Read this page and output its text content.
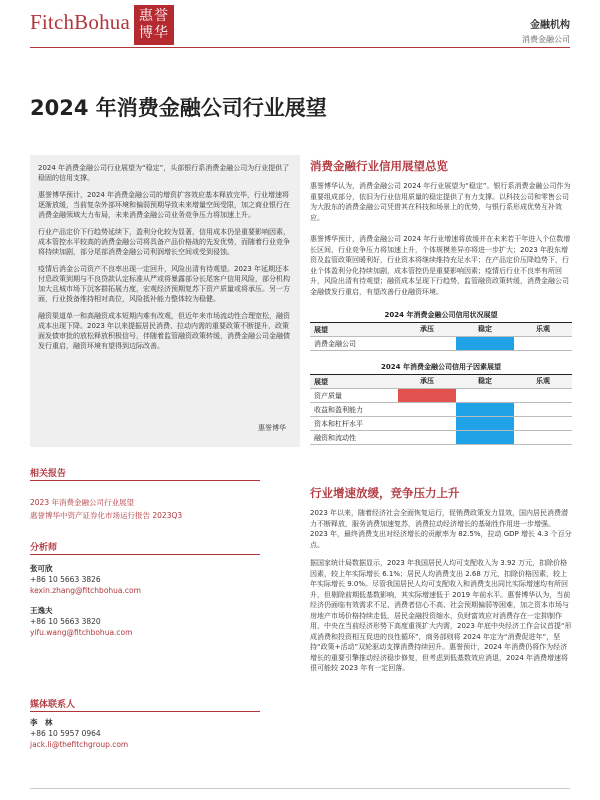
FitchBohua 惠誉
博华	金融机构
消费金融公司
2024 年消费金融公司行业展望

2024 年消费金融公司行业展望为“稳定”，头部银行系消费金融公司为行业提供了稳固的信用支撑。

惠誉博华预计，2024 年消费金融公司的增资扩容效应基本释放完毕，行业增速将逐渐放缓，当前复杂外部环境和偏弱预期导致未来增量空间受限，加之商业银行在消费金融领域大力布局，未来消费金融公司业务竞争压力将加速上升。

行业产品定价下行趋势延续下，盈利分化较为显著，信用成本仍是重要影响因素，成本管控水平较高的消费金融公司将具备产品价格战的先发优势，而随着行业竞争将持续加剧，部分尾部消费金融公司利润增长空间或受到侵蚀。

疫情后消金公司资产不良率出现一定回升，风险出清有待观望。2023 年延期还本付息政策到期与不良贷款认定标准从严或将暴露部分长尾客户信用风险，部分机构加大且城市场下沉客群拓展力度，宏观经济预期复苏下资产质量或将承压。另一方面，行业拨备维持相对高位，风险抵补能力整体较为稳健。

融资渠道单一和高融资成本短期内难有改观，但近年来市场流动性合理宽松，融资成本出现下降。2023 年以来提振居民消费、拉动内需的重要政策不断提升，政策面发债审批的放松释放积极信号，伴随着监管融资政策转缓，消费金融公司金融债发行重启，融资环境有望得到边际改善。

惠誉博华

相关报告
2023 年消费金融公司行业展望
惠誉博华中资产证券化市场运行报告 2023Q3
分析师
张可欣
+86 10 5663 3826
kexin.zhang@fitchbohua.com
王逸夫
+86 10 5663 3820
yifu.wang@fitchbohua.com
媒体联系人
李　林
+86 10 5957 0964
jack.li@thefitchgroup.com
消费金融行业信用展望总览

惠誉博华认为，消费金融公司 2024 年行业展望为“稳定”。银行系消费金融公司作为重要组成部分，依旧为行业信用质量的稳定提供了有力支撑。以科技公司和零售公司为大股东的消费金融公司凭借其在科技和场景上的优势，与银行系形成优势互补效应。

惠誉博华预计，消费金融公司 2024 年行业增速将放缓并在未来若干年进入个位数增长区间，行业竞争压力将加速上升，个体规模差异亦将进一步扩大；2023 年股东增资及监管政策回暖利好，行业资本将继续维持充足水平；在产品定价压降趋势下，行业个体盈利分化持续加剧，成本管控仍是重要影响因素；疫情后行业不良率有所回升，风险出清有待观望；融资成本呈现下行趋势，监管融资政策转缓，消费金融公司金融债发行重启，有望改善行业融资环境。

2024 年消费金融公司信用状况展望
展望	承压	稳定	乐观
消费金融公司
2024 年消费金融公司信用子因素展望
展望	承压	稳定	乐观
资产质量
收益和盈利能力
资本和杠杆水平
融资和流动性
行业增速放缓，竞争压力上升

2023 年以来，随着经济社会全面恢复运行，促销费政策发力显效，国内居民消费潜力不断释放，服务消费加速复苏，消费拉动经济增长的基础性作用进一步增强。2023 年，最终消费支出对经济增长的贡献率为 82.5%，拉动 GDP 增长 4.3 个百分点。

据国家统计局数据显示，2023 年我国居民人均可支配收入为 3.92 万元，扣除价格因素，较上年实际增长 6.1%；居民人均消费支出 2.68 万元，扣除价格因素，较上年实际增长 9.0%。尽管我国居民人均可支配收入和消费支出同比实际增速均有所回升，但剔除前期低基数影响，其实际增速低于 2019 年前水平。惠誉博华认为，当前经济仍面临有效需求不足、消费者信心不高、社会预期偏弱等困难，加之资本市场与房地产市场价格持续走低，居民金融投资缩水，负财富效应对消费存在一定抑制作用，中央在当前经济形势下高度重视扩大内需，2023 年底中央经济工作会议首提“形成消费和投资相互促进的良性循环”，商务部则将 2024 年定为“消费促进年”，坚持“政策+活动”双轮驱动支撑消费持续回升。惠誉预计，2024 年消费仍将作为经济增长的重要引擎推动经济稳步修复，但考虑到低基数效应消退，2024 年消费增速将很可能较 2023 年有一定回落。
